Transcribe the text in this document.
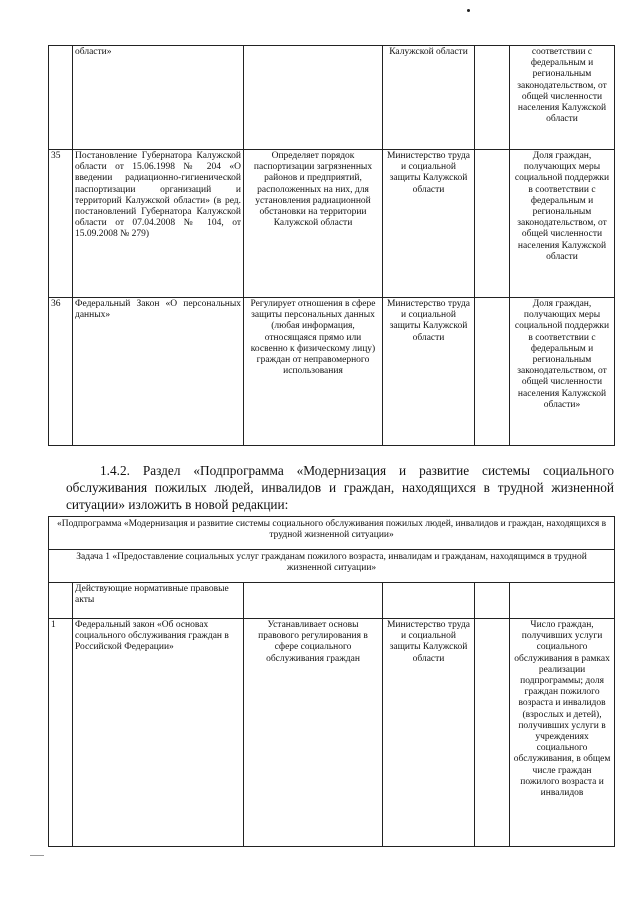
	области»		Калужской области		соответствии с федеральным и региональным законодательством, от общей численности населения Калужской области
35	Постановление Губернатора Калужской области от 15.06.1998 № 204 «О введении радиационно-гигиенической паспортизации организаций и территорий Калужской области» (в ред. постановлений Губернатора Калужской области от 07.04.2008 № 104, от 15.09.2008 № 279)	Определяет порядок паспортизации загрязненных районов и предприятий, расположенных на них, для установления радиационной обстановки на территории Калужской области	Министерство труда и социальной защиты Калужской области		Доля граждан, получающих меры социальной поддержки в соответствии с федеральным и региональным законодательством, от общей численности населения Калужской области
36	Федеральный Закон «О персональных данных»	Регулирует отношения в сфере защиты персональных данных (любая информация, относящаяся прямо или косвенно к физическому лицу) граждан от неправомерного использования	Министерство труда и социальной защиты Калужской области		Доля граждан, получающих меры социальной поддержки в соответствии с федеральным и региональным законодательством, от общей численности населения Калужской области»
1.4.2. Раздел «Подпрограмма «Модернизация и развитие системы социального обслуживания пожилых людей, инвалидов и граждан, находящихся в трудной жизненной ситуации» изложить в новой редакции:
«Подпрограмма «Модернизация и развитие системы социального обслуживания пожилых людей, инвалидов и граждан, находящихся в трудной жизненной ситуации»					
Задача 1 «Предоставление социальных услуг гражданам пожилого возраста, инвалидам и гражданам, находящимся в трудной жизненной ситуации»					
	Действующие нормативные правовые акты				
1	Федеральный закон «Об основах социального обслуживания граждан в Российской Федерации»	Устанавливает основы правового регулирования в сфере социального обслуживания граждан	Министерство труда и социальной защиты Калужской области		Число граждан, получивших услуги социального обслуживания в рамках реализации подпрограммы; доля граждан пожилого возраста и инвалидов (взрослых и детей), получивших услуги в учреждениях социального обслуживания, в общем числе граждан пожилого возраста и инвалидов
